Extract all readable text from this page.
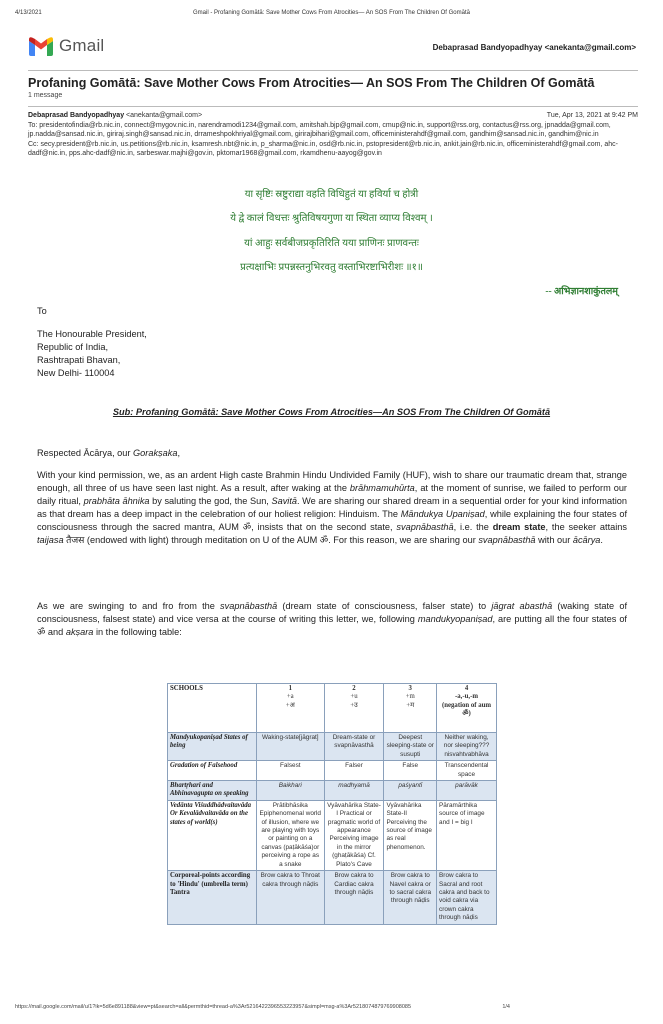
4/13/2021	Gmail - Profaning Gomātā: Save Mother Cows From Atrocities— An SOS From The Children Of Gomātā
Gmail	Debaprasad Bandyopadhyay <anekanta@gmail.com>
Profaning Gomātā: Save Mother Cows From Atrocities— An SOS From The Children Of Gomātā
1 message
Debaprasad Bandyopadhyay <anekanta@gmail.com>	Tue, Apr 13, 2021 at 9:42 PM
To: presidentofindia@rb.nic.in, connect@mygov.nic.in, narendramodi1234@gmail.com, amitshah.bjp@gmail.com, cmup@nic.in, support@rss.org, contactus@rss.org, jpnadda@gmail.com, jp.nadda@sansad.nic.in, giriraj.singh@sansad.nic.in, drrameshpokhriyal@gmail.com, girirajbihari@gmail.com, officeministerahdf@gmail.com, gandhim@sansad.nic.in, gandhim@nic.in
Cc: secy.president@rb.nic.in, us.petitions@rb.nic.in, ksamresh.nbt@nic.in, p_sharma@nic.in, osd@rb.nic.in, pstopresident@rb.nic.in, ankit.jain@rb.nic.in, officeministerahdf@gmail.com, ahc-dadf@nic.in, pps.ahc-dadf@nic.in, sarbeswar.majhi@gov.in, pktomar1968@gmail.com, rkamdhenu-aayog@gov.in
या सृष्टिः स्रष्टुराद्या वहति विधिहुतं या हविर्या च होत्री
ये द्वे कालं विधत्तः श्रुतिविषयगुणा या स्थिता व्याप्य विश्वम् ।
यां आहुः सर्वबीजप्रकृतिरिति यया प्राणिनः प्राणवन्तः
प्रत्यक्षाभिः प्रपन्नस्तनुभिरवतु वस्ताभिरष्टाभिरीशः ॥१॥
-- अभिज्ञानशाकुंतलम्
To
The Honourable President,
Republic of India,
Rashtrapati Bhavan,
New Delhi- 110004
Sub: Profaning Gomātā: Save Mother Cows From Atrocities—An SOS From The Children Of Gomātā
Respected Ācārya, our Gorakṣaka,
With your kind permission, we, as an ardent High caste Brahmin Hindu Undivided Family (HUF), wish to share our traumatic dream that, strange enough, all three of us have seen last night. As a result, after waking at the brāhmamuhūrta, at the moment of sunrise, we failed to perform our daily ritual, prabhāta āhnika by saluting the god, the Sun, Savitā. We are sharing our shared dream in a sequential order for your kind information as that dream has a deep impact in the celebration of our holiest religion: Hinduism. The Māndukya Upaniṣad, while explaining the four states of consciousness through the sacred mantra, AUM ॐ, insists that on the second state, svapnābasthā, i.e. the dream state, the seeker attains taijasa तैजस (endowed with light) through meditation on U of the AUM ॐ. For this reason, we are sharing our svapnābasthā with our ācārya.
As we are swinging to and fro from the svapnābasthā (dream state of consciousness, falser state) to jāgrat abasthā (waking state of consciousness, falsest state) and vice versa at the course of writing this letter, we, following mandukyopaniṣad, are putting all the four states of ॐ and akṣara in the following table:
SCHOOLS	1
+a
+अ	2
+u
+उ	3
+m
+म	4
-a,-u,-m
(negation of aum ॐ)
Mandyukopaniṣad States of being	Waking-state[jāgrat]	Dream-state or svapnāvasthā	Deepest sleeping-state or susupti	Neither waking, nor sleeping??? nisvahtvabhāva
Gradation of Falsehood	Falsest	Falser	False	Transcendental space
Bhartṛhari and Abhinavagupta on speaking	Baikhari	madhyamā	paśyantī	parāvāk
Vedānta Viśuddhādvaitavāda Or Kevalādvaitavāda on the states of world(s)	Prātibhāsika Epiphenomenal world of illusion, where we are playing with toys or painting on a canvas (paṭākāśa)or perceiving a rope as a snake	Vyāvahārika State-I Practical or pragmatic world of appearance Perceiving image in the mirror (ghaṭākāśa) Cf. Plato's Cave	Vyāvahārika State-II Perceiving the source of image as real phenomenon.	Pāramārthika source of image and I = big I
Corporeal-points according to 'Hindu' (umbrella term) Tantra	Brow cakra to Throat cakra through nāḍis	Brow cakra to Cardiac cakra through nāḍis	Brow cakra to Navel cakra or to sacral cakra through nāḍis	Brow cakra to Sacral and root cakra and back to void cakra via crown cakra through nāḍis
https://mail.google.com/mail/u/1?ik=5d6e891188&view=pt&search=all&permthid=thread-a%3Ar5216422396553223957&simpl=msg-a%3Ar5218074879769908085	1/4
